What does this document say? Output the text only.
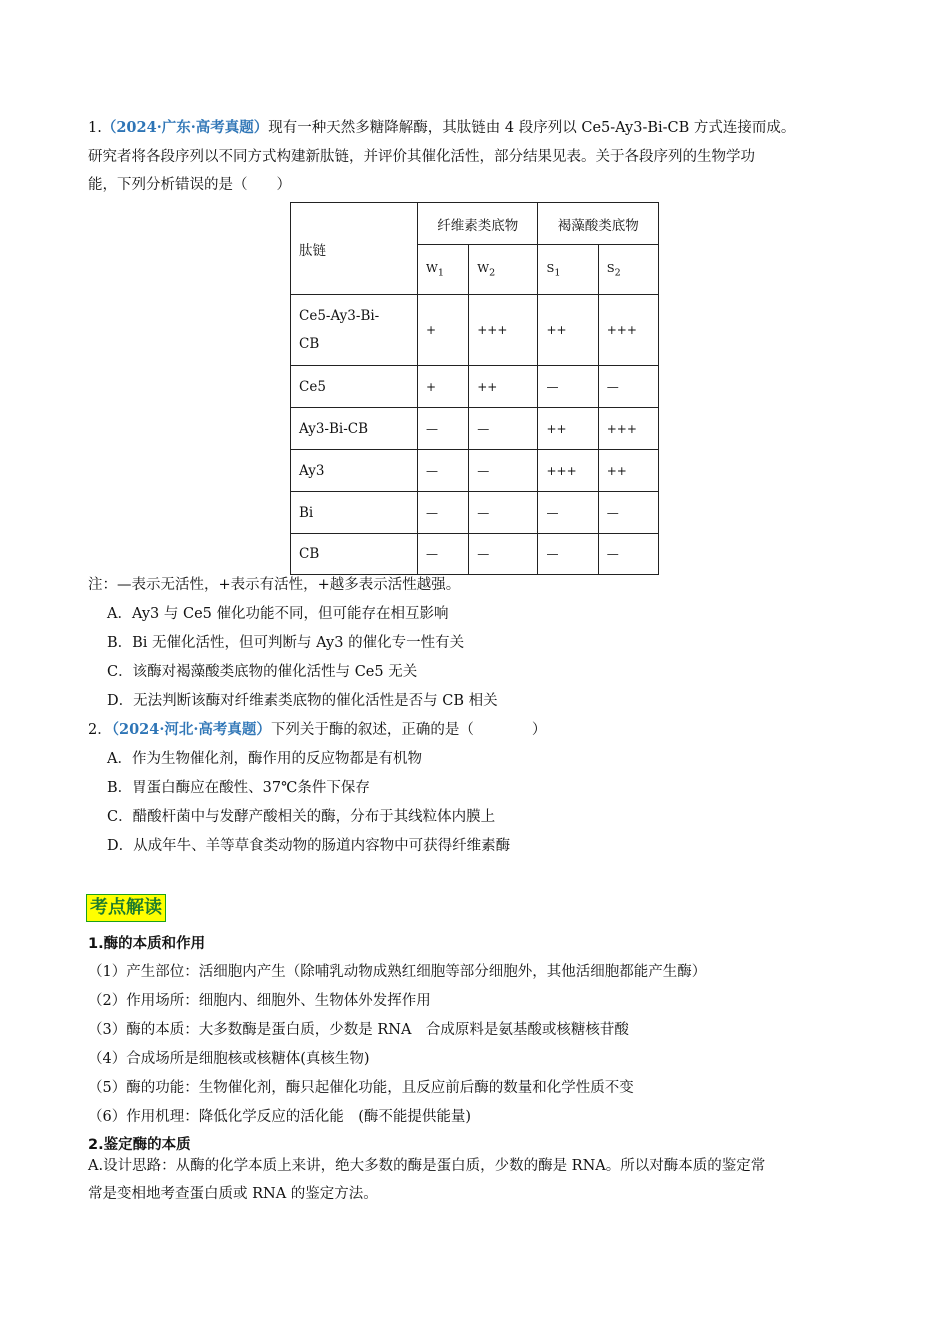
1.（2024·广东·高考真题）现有一种天然多糖降解酶，其肽链由 4 段序列以 Ce5-Ay3-Bi-CB 方式连接而成。
研究者将各段序列以不同方式构建新肽链，并评价其催化活性，部分结果见表。关于各段序列的生物学功
能，下列分析错误的是（　　）
肽链	纤维素类底物		褐藻酸类底物	
	$W_1$	$W_2$	$S_1$	$S_2$
Ce5-Ay3-Bi-
CB	+	+++	++	+++
Ce5	+	++	—	—
Ay3-Bi-CB	—	—	++	+++
Ay3	—	—	+++	++
Bi	—	—	—	—
CB	—	—	—	—
注：—表示无活性，+表示有活性，+越多表示活性越强。
A．Ay3 与 Ce5 催化功能不同，但可能存在相互影响
B．Bi 无催化活性，但可判断与 Ay3 的催化专一性有关
C．该酶对褐藻酸类底物的催化活性与 Ce5 无关
D．无法判断该酶对纤维素类底物的催化活性是否与 CB 相关
2．（2024·河北·高考真题）下列关于酶的叙述，正确的是（　　　　）
A．作为生物催化剂，酶作用的反应物都是有机物
B．胃蛋白酶应在酸性、37℃条件下保存
C．醋酸杆菌中与发酵产酸相关的酶，分布于其线粒体内膜上
D．从成年牛、羊等草食类动物的肠道内容物中可获得纤维素酶
考点解读
1.酶的本质和作用
（1）产生部位：活细胞内产生（除哺乳动物成熟红细胞等部分细胞外，其他活细胞都能产生酶）
（2）作用场所：细胞内、细胞外、生物体外发挥作用
（3）酶的本质：大多数酶是蛋白质，少数是 RNA　合成原料是氨基酸或核糖核苷酸
（4）合成场所是细胞核或核糖体(真核生物)
（5）酶的功能：生物催化剂，酶只起催化功能，且反应前后酶的数量和化学性质不变
（6）作用机理：降低化学反应的活化能　(酶不能提供能量)
2.鉴定酶的本质
A.设计思路：从酶的化学本质上来讲，绝大多数的酶是蛋白质，少数的酶是 RNA。所以对酶本质的鉴定常
常是变相地考查蛋白质或 RNA 的鉴定方法。
